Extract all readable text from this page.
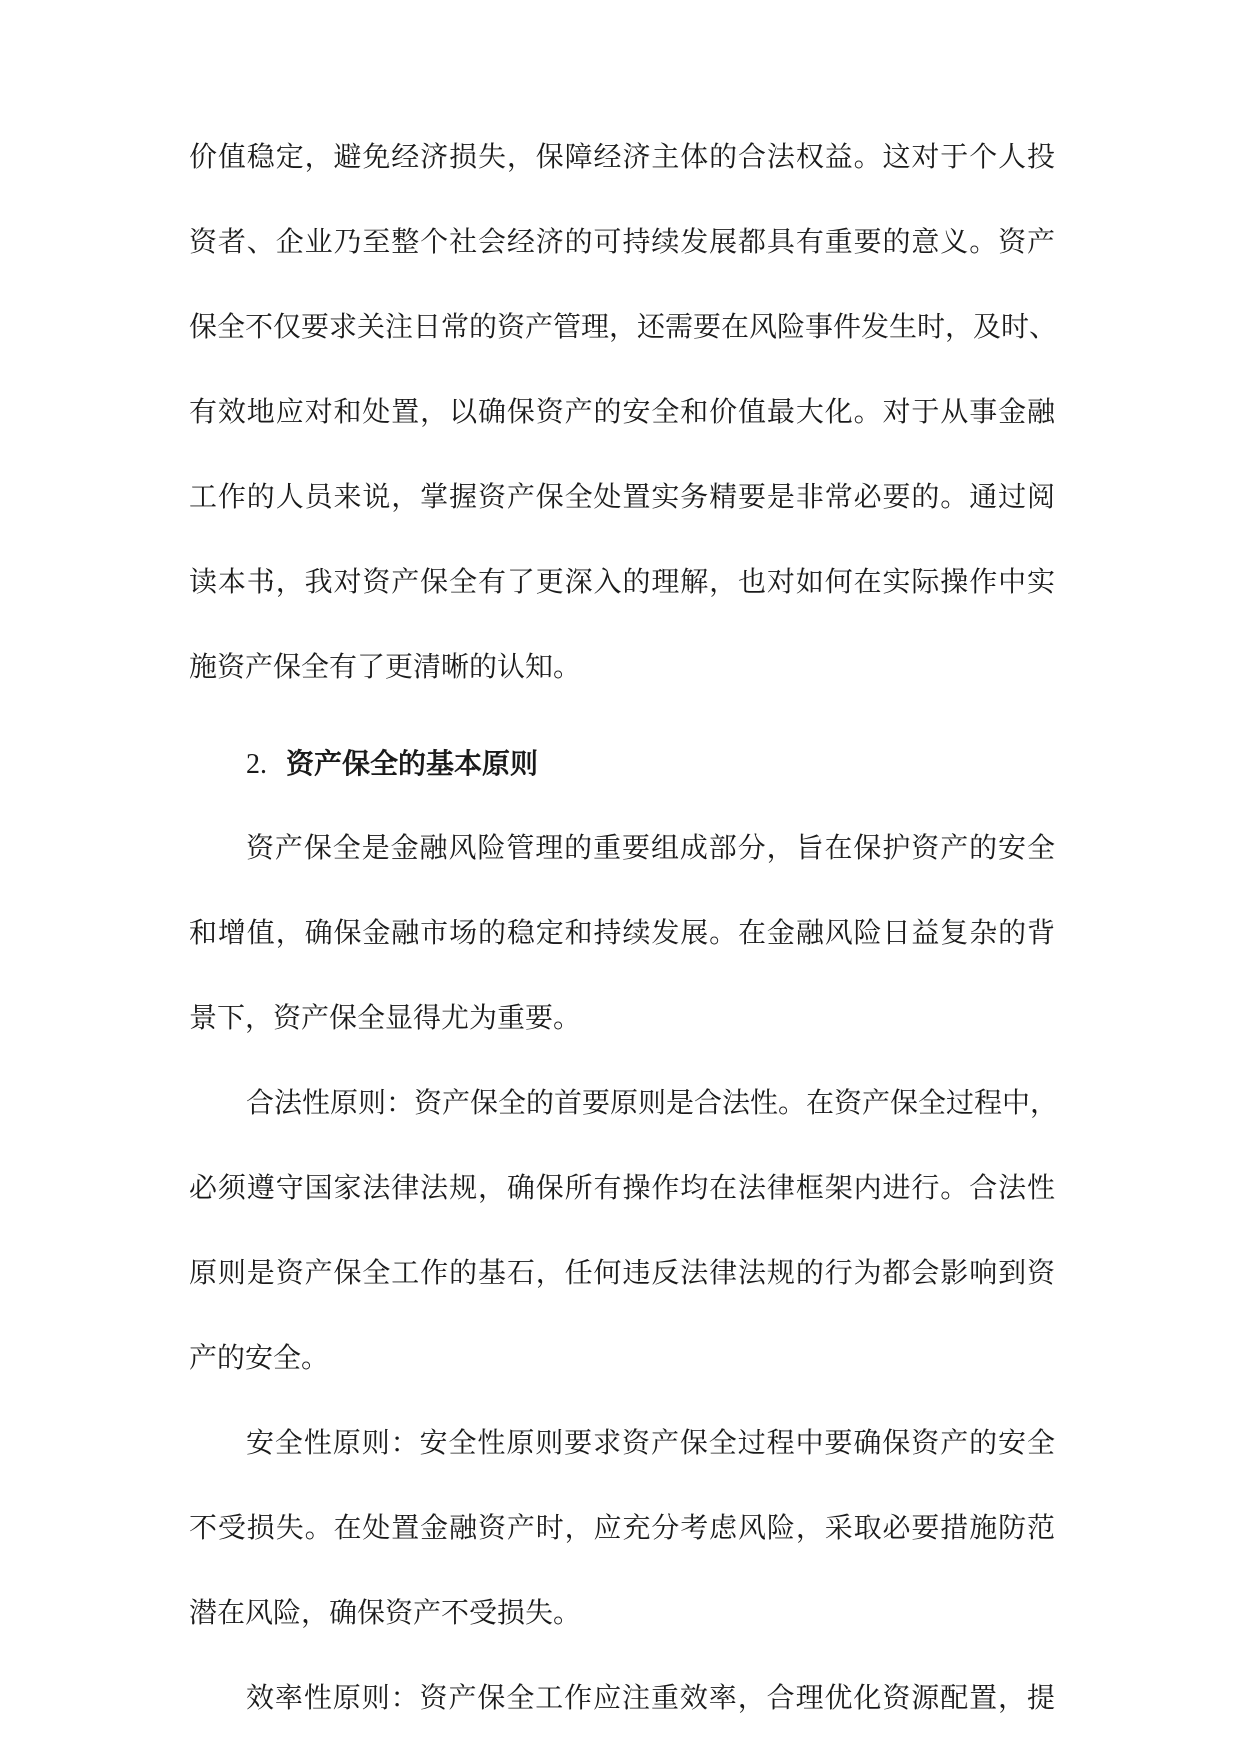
价值稳定，避免经济损失，保障经济主体的合法权益。这对于个人投
资者、企业乃至整个社会经济的可持续发展都具有重要的意义。资产
保全不仅要求关注日常的资产管理，还需要在风险事件发生时，及时、
有效地应对和处置，以确保资产的安全和价值最大化。对于从事金融
工作的人员来说，掌握资产保全处置实务精要是非常必要的。通过阅
读本书，我对资产保全有了更深入的理解，也对如何在实际操作中实
施资产保全有了更清晰的认知。
2. 资产保全的基本原则
资产保全是金融风险管理的重要组成部分，旨在保护资产的安全
和增值，确保金融市场的稳定和持续发展。在金融风险日益复杂的背
景下，资产保全显得尤为重要。
合法性原则：资产保全的首要原则是合法性。在资产保全过程中，
必须遵守国家法律法规，确保所有操作均在法律框架内进行。合法性
原则是资产保全工作的基石，任何违反法律法规的行为都会影响到资
产的安全。
安全性原则：安全性原则要求资产保全过程中要确保资产的安全
不受损失。在处置金融资产时，应充分考虑风险，采取必要措施防范
潜在风险，确保资产不受损失。
效率性原则：资产保全工作应注重效率，合理优化资源配置，提
